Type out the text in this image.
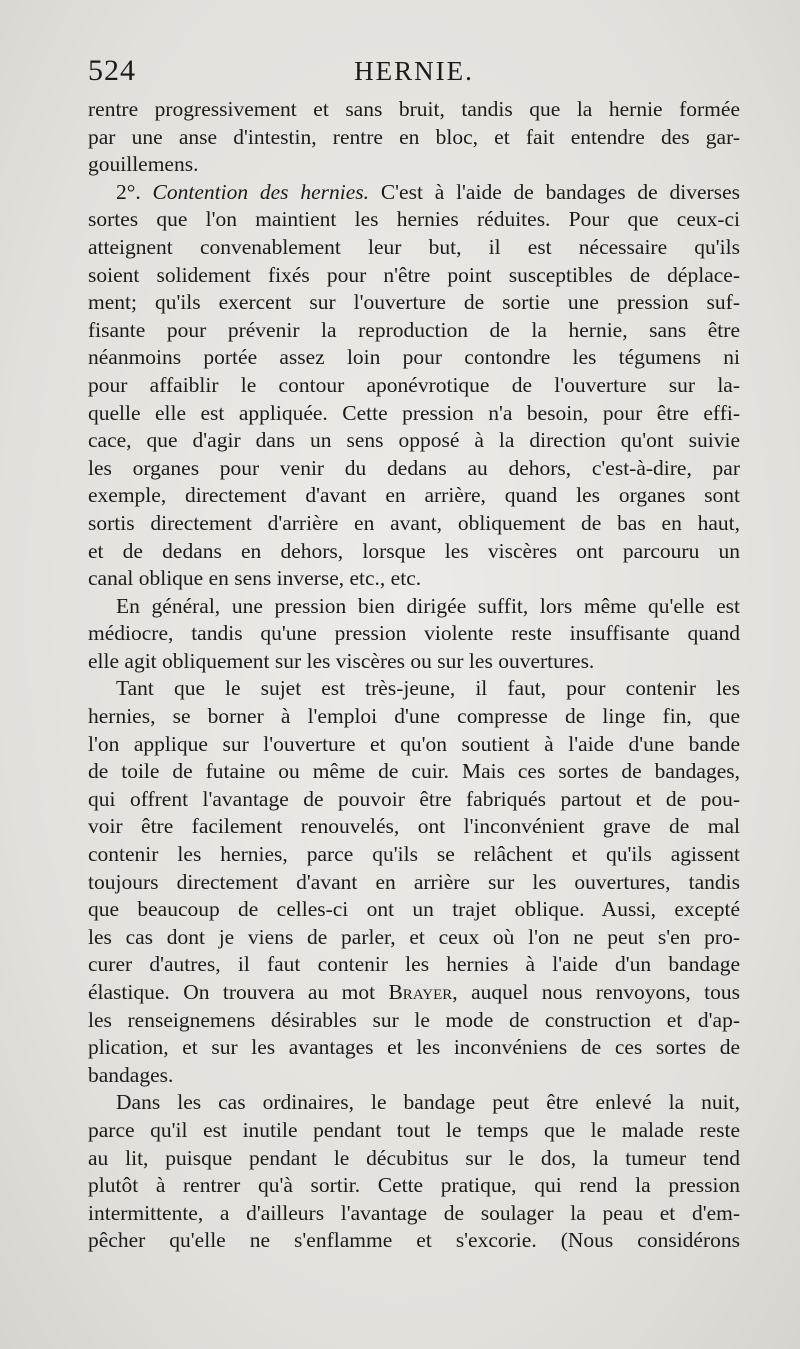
524	HERNIE.
rentre progressivement et sans bruit, tandis que la hernie formée
par une anse d'intestin, rentre en bloc, et fait entendre des gar-
gouillemens.
2°. Contention des hernies. C'est à l'aide de bandages de diverses
sortes que l'on maintient les hernies réduites. Pour que ceux-ci
atteignent convenablement leur but, il est nécessaire qu'ils
soient solidement fixés pour n'être point susceptibles de déplace-
ment; qu'ils exercent sur l'ouverture de sortie une pression suf-
fisante pour prévenir la reproduction de la hernie, sans être
néanmoins portée assez loin pour contondre les tégumens ni
pour affaiblir le contour aponévrotique de l'ouverture sur la-
quelle elle est appliquée. Cette pression n'a besoin, pour être effi-
cace, que d'agir dans un sens opposé à la direction qu'ont suivie
les organes pour venir du dedans au dehors, c'est-à-dire, par
exemple, directement d'avant en arrière, quand les organes sont
sortis directement d'arrière en avant, obliquement de bas en haut,
et de dedans en dehors, lorsque les viscères ont parcouru un
canal oblique en sens inverse, etc., etc.
En général, une pression bien dirigée suffit, lors même qu'elle est
médiocre, tandis qu'une pression violente reste insuffisante quand
elle agit obliquement sur les viscères ou sur les ouvertures.
Tant que le sujet est très-jeune, il faut, pour contenir les
hernies, se borner à l'emploi d'une compresse de linge fin, que
l'on applique sur l'ouverture et qu'on soutient à l'aide d'une bande
de toile de futaine ou même de cuir. Mais ces sortes de bandages,
qui offrent l'avantage de pouvoir être fabriqués partout et de pou-
voir être facilement renouvelés, ont l'inconvénient grave de mal
contenir les hernies, parce qu'ils se relâchent et qu'ils agissent
toujours directement d'avant en arrière sur les ouvertures, tandis
que beaucoup de celles-ci ont un trajet oblique. Aussi, excepté
les cas dont je viens de parler, et ceux où l'on ne peut s'en pro-
curer d'autres, il faut contenir les hernies à l'aide d'un bandage
élastique. On trouvera au mot Brayer, auquel nous renvoyons, tous
les renseignemens désirables sur le mode de construction et d'ap-
plication, et sur les avantages et les inconvéniens de ces sortes de
bandages.
Dans les cas ordinaires, le bandage peut être enlevé la nuit,
parce qu'il est inutile pendant tout le temps que le malade reste
au lit, puisque pendant le décubitus sur le dos, la tumeur tend
plutôt à rentrer qu'à sortir. Cette pratique, qui rend la pression
intermittente, a d'ailleurs l'avantage de soulager la peau et d'em-
pêcher qu'elle ne s'enflamme et s'excorie. (Nous considérons
